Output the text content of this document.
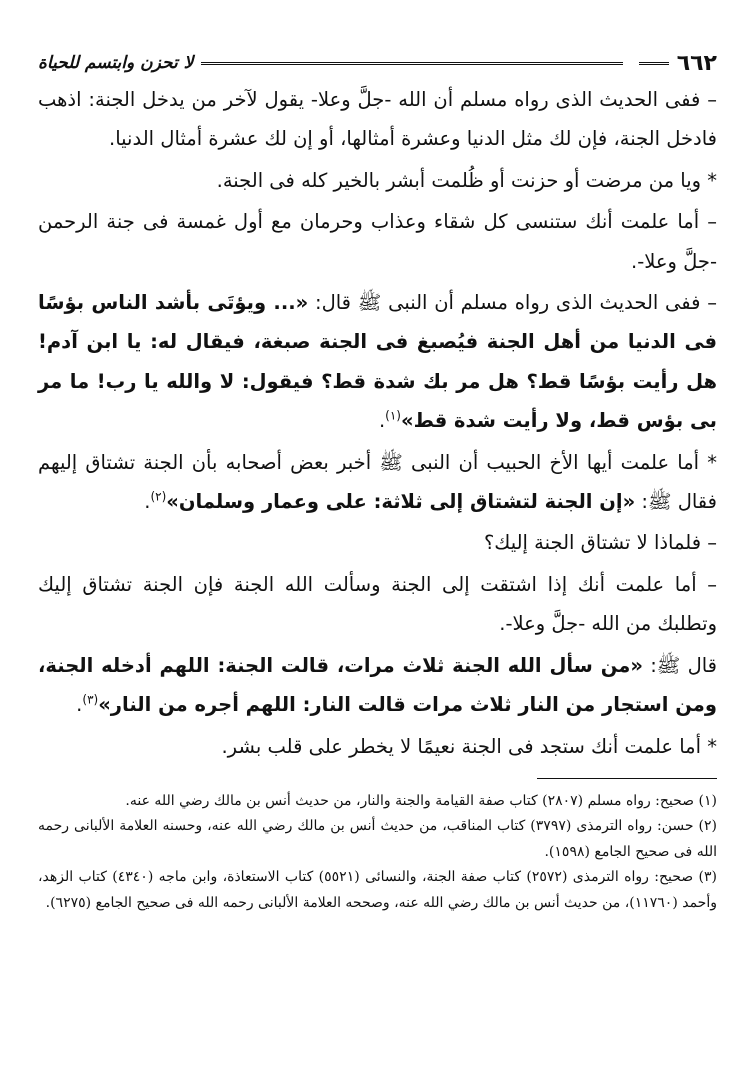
٦٦٢
لا تحزن وابتسم للحياة

– ففى الحديث الذى رواه مسلم أن الله -جلَّ وعلا- يقول لآخر من يدخل الجنة: اذهب فادخل الجنة، فإن لك مثل الدنيا وعشرة أمثالها، أو إن لك عشرة أمثال الدنيا.

* ويا من مرضت أو حزنت أو ظُلمت أبشر بالخير كله فى الجنة.

– أما علمت أنك ستنسى كل شقاء وعذاب وحرمان مع أول غمسة فى جنة الرحمن -جلَّ وعلا-.

– ففى الحديث الذى رواه مسلم أن النبى ﷺ قال: «... ويؤتَى بأشد الناس بؤسًا فى الدنيا من أهل الجنة فيُصبغ فى الجنة صبغة، فيقال له: يا ابن آدم! هل رأيت بؤسًا قط؟ هل مر بك شدة قط؟ فيقول: لا والله يا رب! ما مر بى بؤس قط، ولا رأيت شدة قط»$^{(١)}$.

* أما علمت أيها الأخ الحبيب أن النبى ﷺ أخبر بعض أصحابه بأن الجنة تشتاق إليهم فقال ﷺ: «إن الجنة لتشتاق إلى ثلاثة: على وعمار وسلمان»$^{(٢)}$.

– فلماذا لا تشتاق الجنة إليك؟

– أما علمت أنك إذا اشتقت إلى الجنة وسألت الله الجنة فإن الجنة تشتاق إليك وتطلبك من الله -جلَّ وعلا-.

قال ﷺ: «من سأل الله الجنة ثلاث مرات، قالت الجنة: اللهم أدخله الجنة، ومن استجار من النار ثلاث مرات قالت النار: اللهم أجره من النار»$^{(٣)}$.

* أما علمت أنك ستجد فى الجنة نعيمًا لا يخطر على قلب بشر.

(١) صحيح: رواه مسلم (٢٨٠٧) كتاب صفة القيامة والجنة والنار، من حديث أنس بن مالك رضي الله عنه.

(٢) حسن: رواه الترمذى (٣٧٩٧) كتاب المناقب، من حديث أنس بن مالك رضي الله عنه، وحسنه العلامة الألبانى رحمه الله فى صحيح الجامع (١٥٩٨).

(٣) صحيح: رواه الترمذى (٢٥٧٢) كتاب صفة الجنة، والنسائى (٥٥٢١) كتاب الاستعاذة، وابن ماجه (٤٣٤٠) كتاب الزهد، وأحمد (١١٧٦٠)، من حديث أنس بن مالك رضي الله عنه، وصححه العلامة الألبانى رحمه الله فى صحيح الجامع (٦٢٧٥).
